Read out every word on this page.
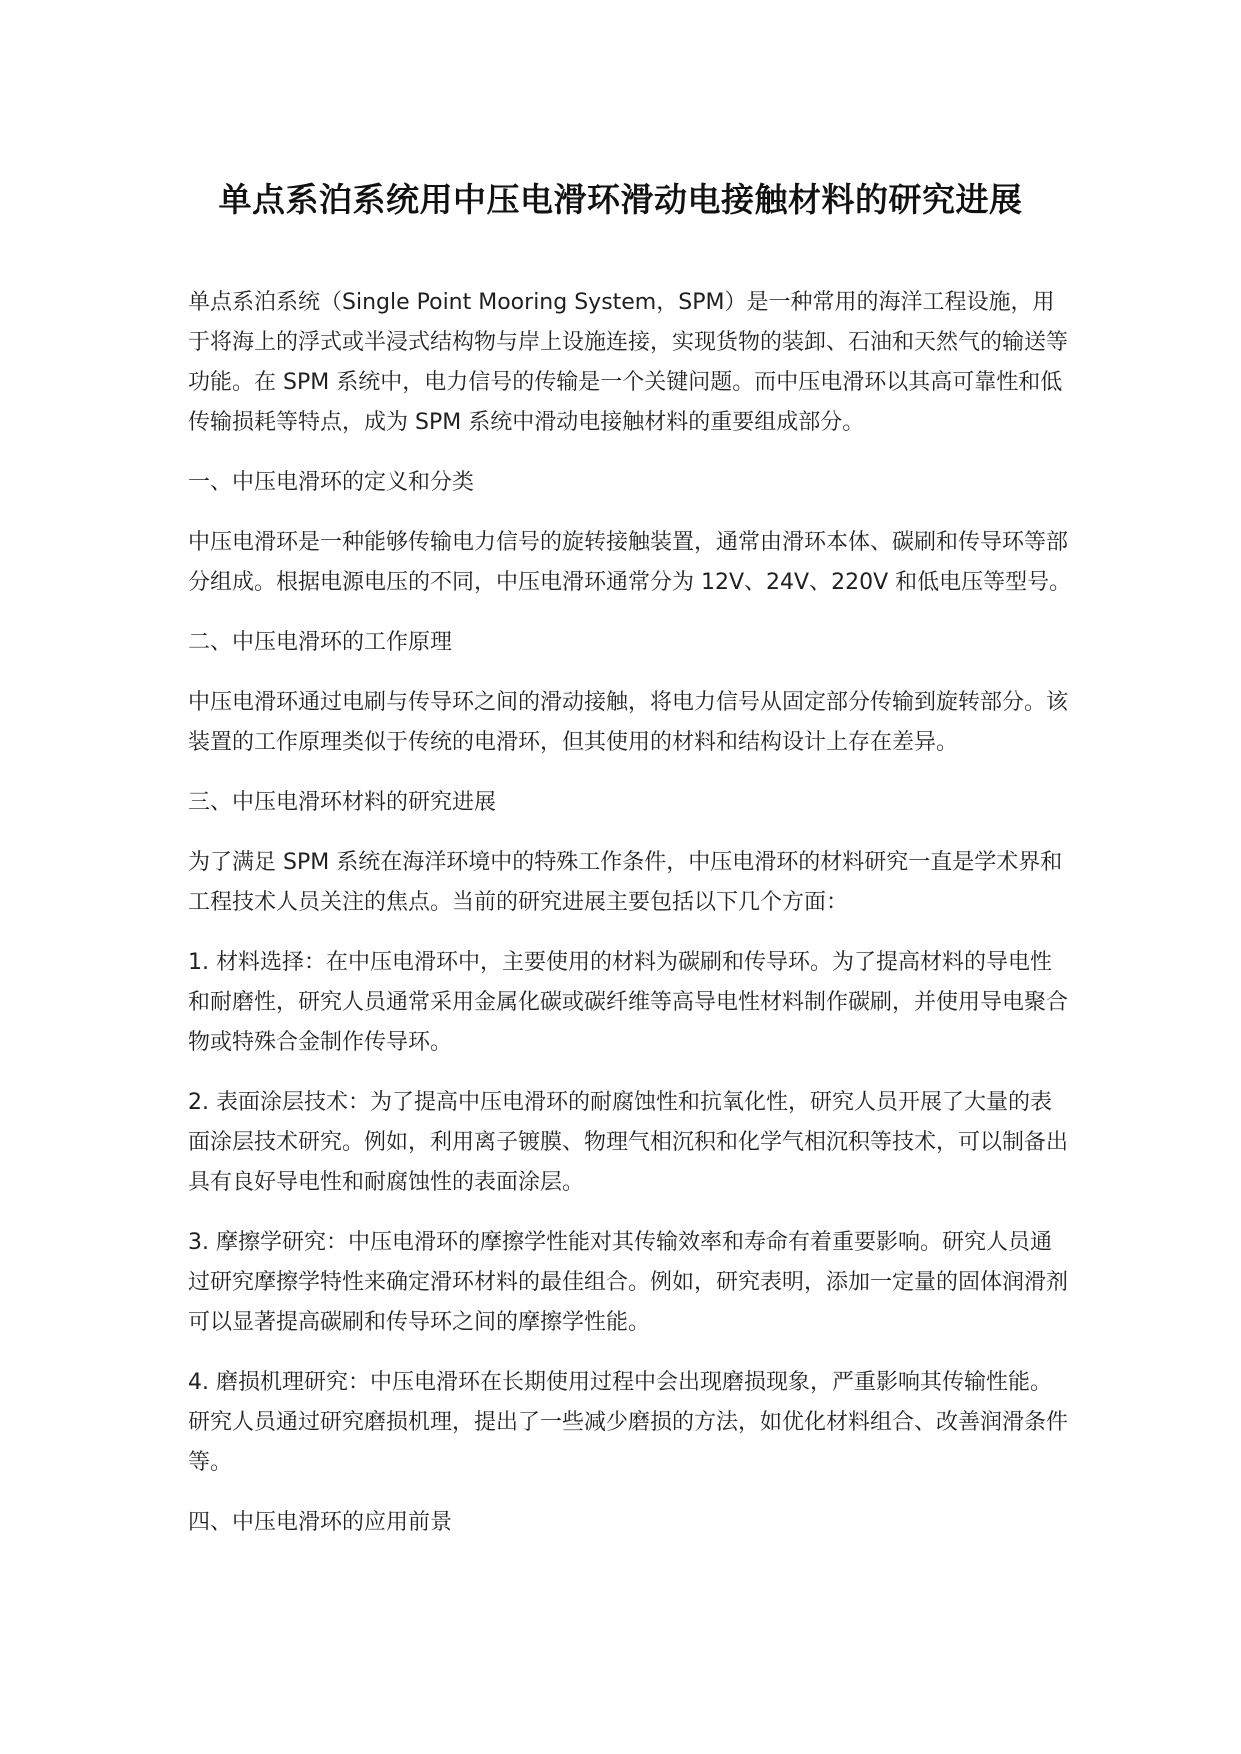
单点系泊系统用中压电滑环滑动电接触材料的研究进展

单点系泊系统（Single Point Mooring System，SPM）是一种常用的海洋工程设施，用于将海上的浮式或半浸式结构物与岸上设施连接，实现货物的装卸、石油和天然气的输送等功能。在 SPM 系统中，电力信号的传输是一个关键问题。而中压电滑环以其高可靠性和低传输损耗等特点，成为 SPM 系统中滑动电接触材料的重要组成部分。

一、中压电滑环的定义和分类

中压电滑环是一种能够传输电力信号的旋转接触装置，通常由滑环本体、碳刷和传导环等部分组成。根据电源电压的不同，中压电滑环通常分为 12V、24V、220V 和低电压等型号。

二、中压电滑环的工作原理

中压电滑环通过电刷与传导环之间的滑动接触，将电力信号从固定部分传输到旋转部分。该装置的工作原理类似于传统的电滑环，但其使用的材料和结构设计上存在差异。

三、中压电滑环材料的研究进展

为了满足 SPM 系统在海洋环境中的特殊工作条件，中压电滑环的材料研究一直是学术界和工程技术人员关注的焦点。当前的研究进展主要包括以下几个方面：

1. 材料选择：在中压电滑环中，主要使用的材料为碳刷和传导环。为了提高材料的导电性和耐磨性，研究人员通常采用金属化碳或碳纤维等高导电性材料制作碳刷，并使用导电聚合物或特殊合金制作传导环。

2. 表面涂层技术：为了提高中压电滑环的耐腐蚀性和抗氧化性，研究人员开展了大量的表面涂层技术研究。例如，利用离子镀膜、物理气相沉积和化学气相沉积等技术，可以制备出具有良好导电性和耐腐蚀性的表面涂层。

3. 摩擦学研究：中压电滑环的摩擦学性能对其传输效率和寿命有着重要影响。研究人员通过研究摩擦学特性来确定滑环材料的最佳组合。例如，研究表明，添加一定量的固体润滑剂可以显著提高碳刷和传导环之间的摩擦学性能。

4. 磨损机理研究：中压电滑环在长期使用过程中会出现磨损现象，严重影响其传输性能。研究人员通过研究磨损机理，提出了一些减少磨损的方法，如优化材料组合、改善润滑条件等。

四、中压电滑环的应用前景
